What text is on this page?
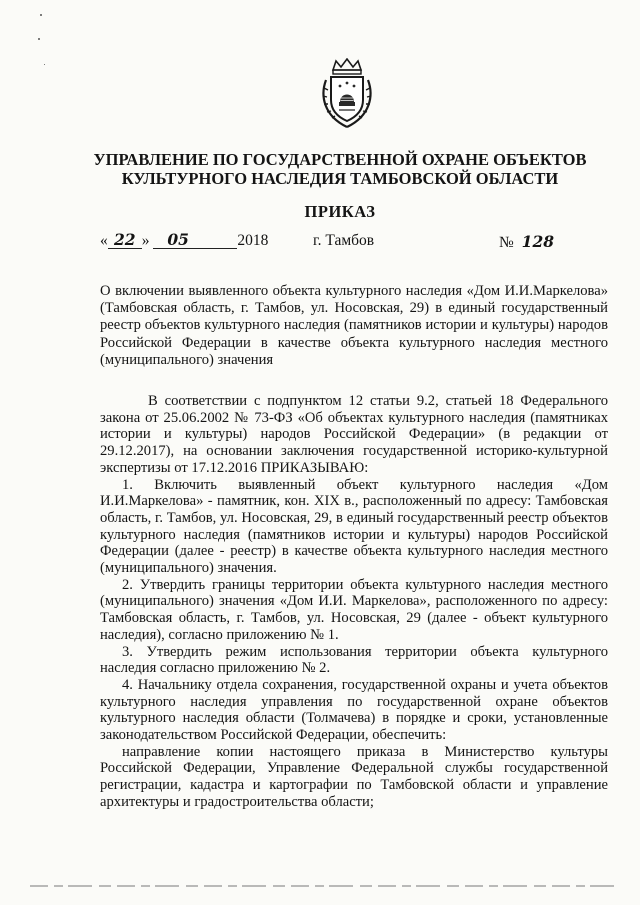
УПРАВЛЕНИЕ ПО ГОСУДАРСТВЕННОЙ ОХРАНЕ ОБЪЕКТОВ
КУЛЬТУРНОГО НАСЛЕДИЯ ТАМБОВСКОЙ ОБЛАСТИ
ПРИКАЗ
« 22 » 05	2018	г. Тамбов	№ 128
О включении выявленного объекта культурного наследия «Дом И.И.Маркелова» (Тамбовская область, г. Тамбов, ул. Носовская, 29) в единый государственный реестр объектов культурного наследия (памятников истории и культуры) народов Российской Федерации в качестве объекта культурного наследия местного (муниципального) значения

В соответствии с подпунктом 12 статьи 9.2, статьей 18 Федерального закона от 25.06.2002 № 73-ФЗ «Об объектах культурного наследия (памятниках истории и культуры) народов Российской Федерации» (в редакции от 29.12.2017), на основании заключения государственной историко-культурной экспертизы от 17.12.2016 ПРИКАЗЫВАЮ:

1. Включить выявленный объект культурного наследия «Дом И.И.Маркелова» - памятник, кон. XIX в., расположенный по адресу: Тамбовская область, г. Тамбов, ул. Носовская, 29, в единый государственный реестр объектов культурного наследия (памятников истории и культуры) народов Российской Федерации (далее - реестр) в качестве объекта культурного наследия местного (муниципального) значения.

2. Утвердить границы территории объекта культурного наследия местного (муниципального) значения «Дом И.И. Маркелова», расположенного по адресу: Тамбовская область, г. Тамбов, ул. Носовская, 29 (далее - объект культурного наследия), согласно приложению № 1.

3. Утвердить режим использования территории объекта культурного наследия согласно приложению № 2.

4. Начальнику отдела сохранения, государственной охраны и учета объектов культурного наследия управления по государственной охране объектов культурного наследия области (Толмачева) в порядке и сроки, установленные законодательством Российской Федерации, обеспечить:

направление копии настоящего приказа в Министерство культуры Российской Федерации, Управление Федеральной службы государственной регистрации, кадастра и картографии по Тамбовской области и управление архитектуры и градостроительства области;
